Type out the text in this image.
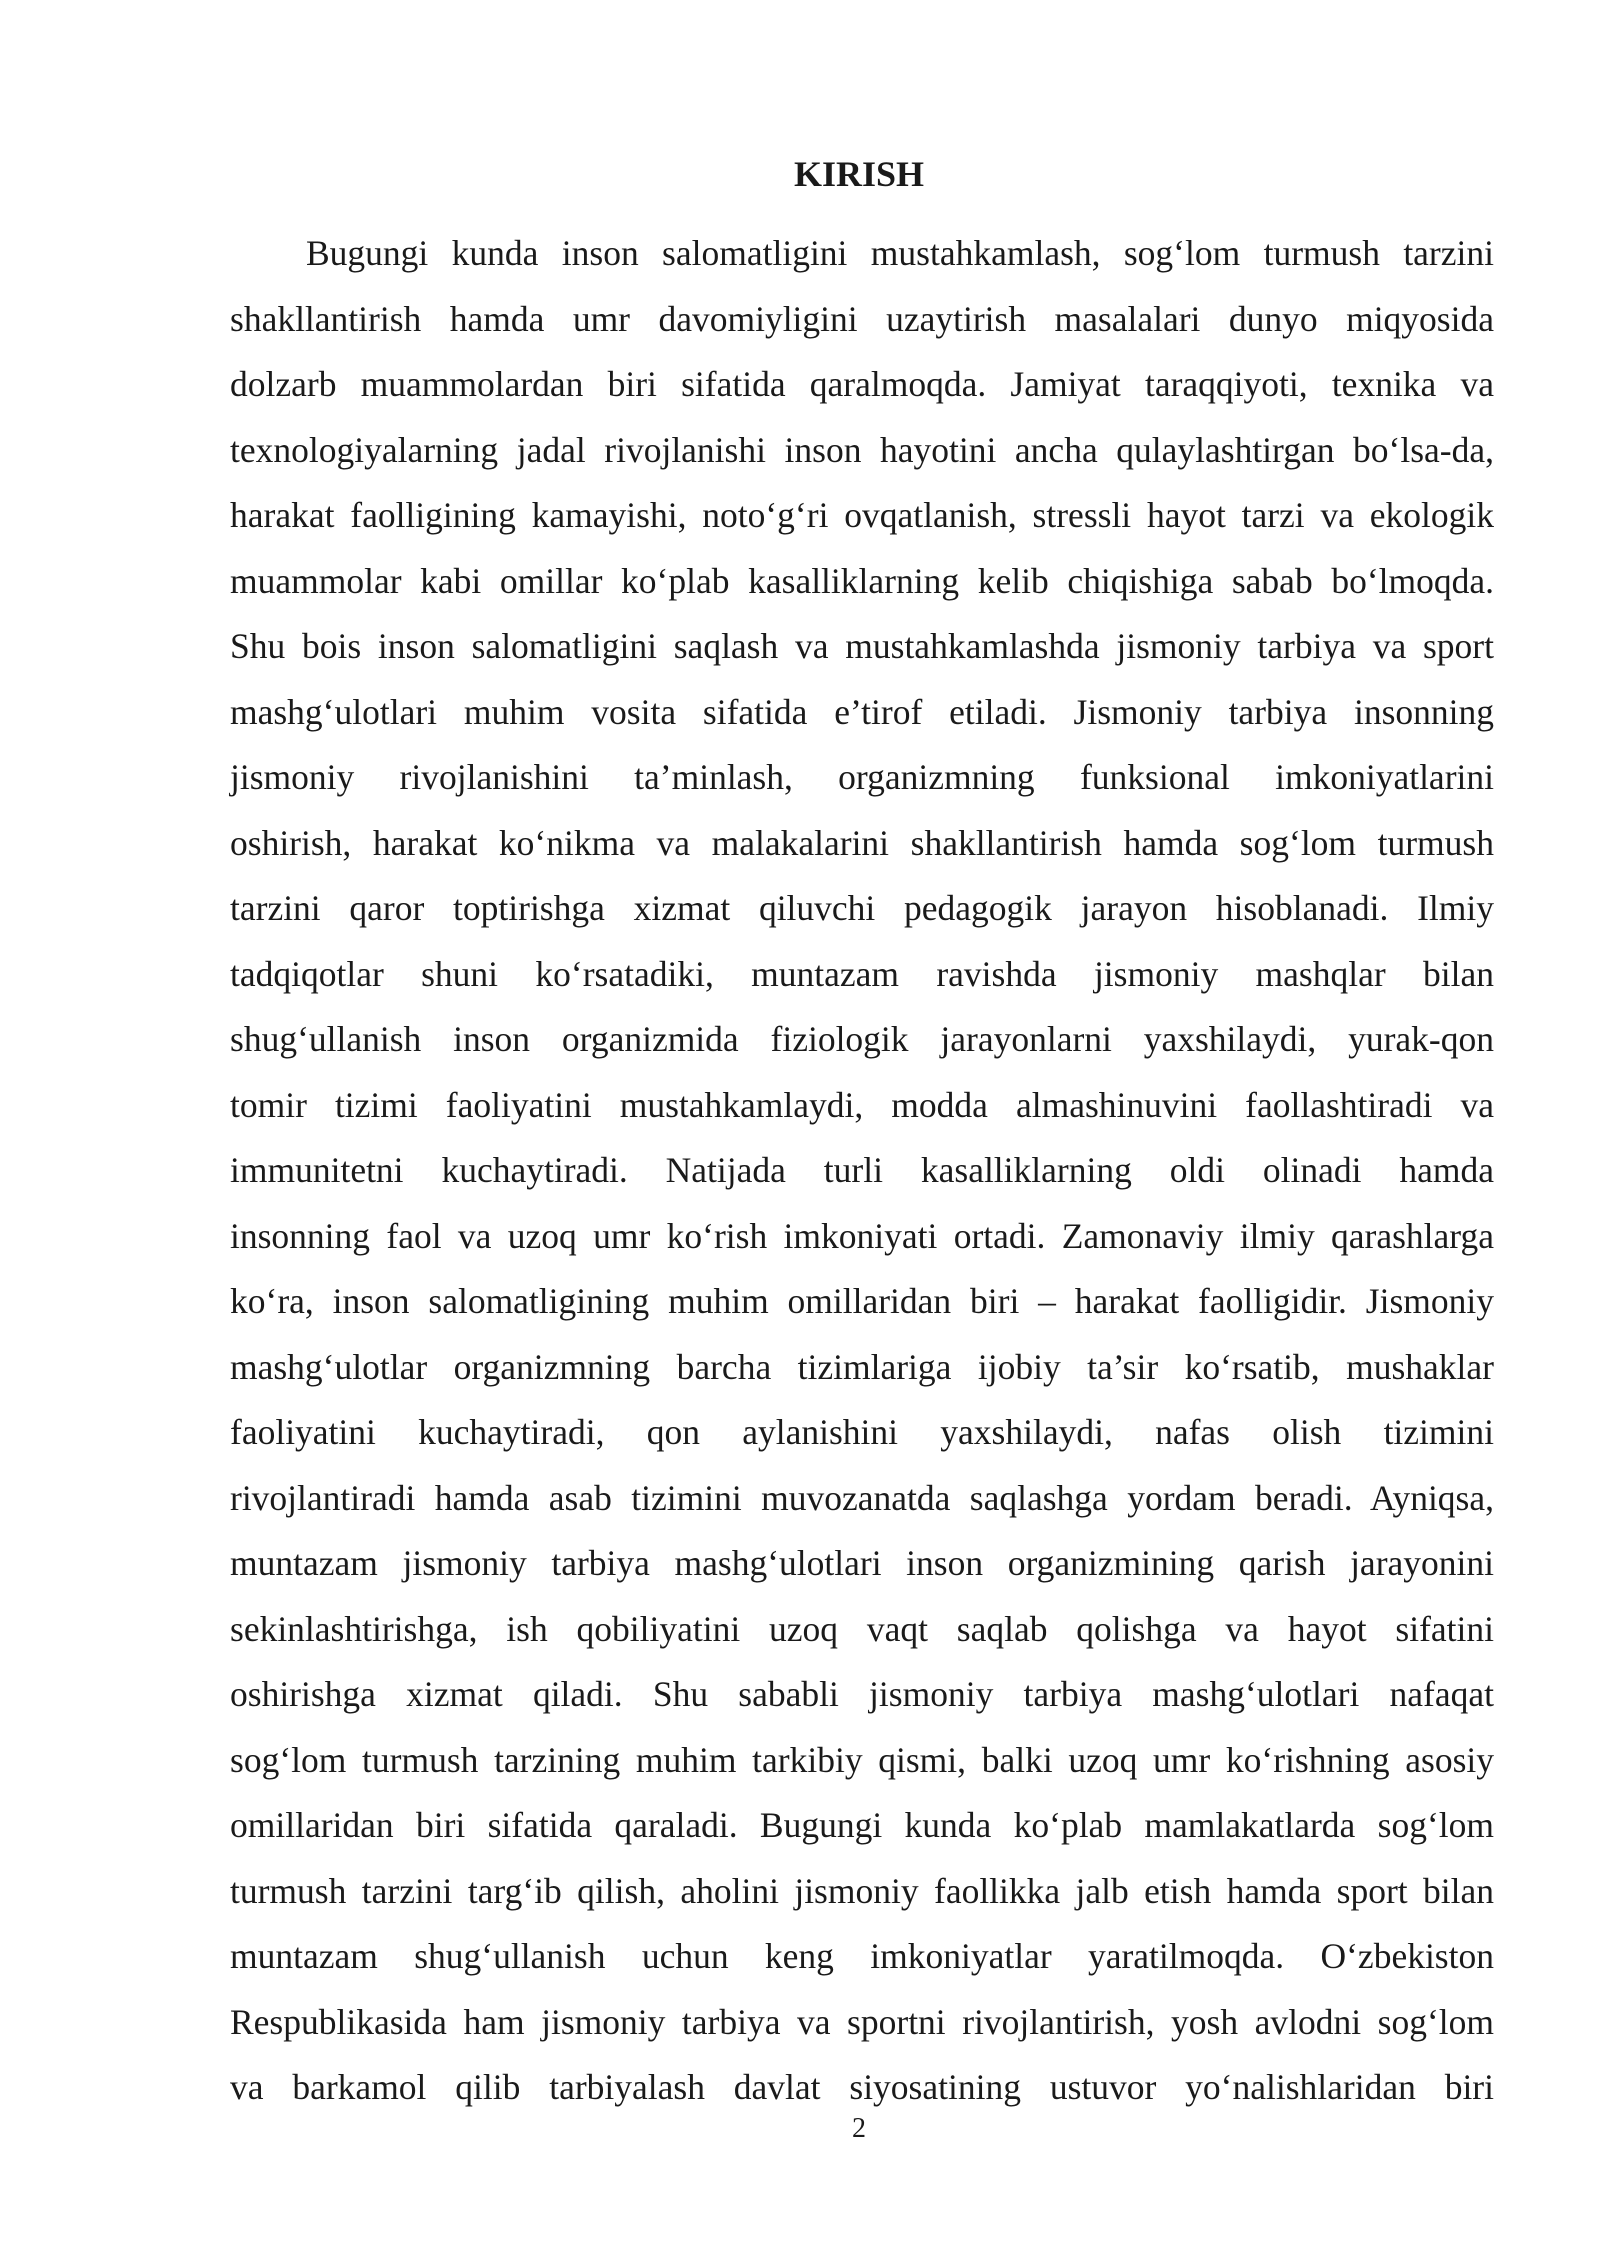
KIRISH
Bugungi kunda inson salomatligini mustahkamlash, sog‘lom turmush tarzini
shakllantirish hamda umr davomiyligini uzaytirish masalalari dunyo miqyosida
dolzarb muammolardan biri sifatida qaralmoqda. Jamiyat taraqqiyoti, texnika va
texnologiyalarning jadal rivojlanishi inson hayotini ancha qulaylashtirgan bo‘lsa-da,
harakat faolligining kamayishi, noto‘g‘ri ovqatlanish, stressli hayot tarzi va ekologik
muammolar kabi omillar ko‘plab kasalliklarning kelib chiqishiga sabab bo‘lmoqda.
Shu bois inson salomatligini saqlash va mustahkamlashda jismoniy tarbiya va sport
mashg‘ulotlari muhim vosita sifatida e’tirof etiladi. Jismoniy tarbiya insonning
jismoniy rivojlanishini ta’minlash, organizmning funksional imkoniyatlarini
oshirish, harakat ko‘nikma va malakalarini shakllantirish hamda sog‘lom turmush
tarzini qaror toptirishga xizmat qiluvchi pedagogik jarayon hisoblanadi. Ilmiy
tadqiqotlar shuni ko‘rsatadiki, muntazam ravishda jismoniy mashqlar bilan
shug‘ullanish inson organizmida fiziologik jarayonlarni yaxshilaydi, yurak-qon
tomir tizimi faoliyatini mustahkamlaydi, modda almashinuvini faollashtiradi va
immunitetni kuchaytiradi. Natijada turli kasalliklarning oldi olinadi hamda
insonning faol va uzoq umr ko‘rish imkoniyati ortadi. Zamonaviy ilmiy qarashlarga
ko‘ra, inson salomatligining muhim omillaridan biri – harakat faolligidir. Jismoniy
mashg‘ulotlar organizmning barcha tizimlariga ijobiy ta’sir ko‘rsatib, mushaklar
faoliyatini kuchaytiradi, qon aylanishini yaxshilaydi, nafas olish tizimini
rivojlantiradi hamda asab tizimini muvozanatda saqlashga yordam beradi. Ayniqsa,
muntazam jismoniy tarbiya mashg‘ulotlari inson organizmining qarish jarayonini
sekinlashtirishga, ish qobiliyatini uzoq vaqt saqlab qolishga va hayot sifatini
oshirishga xizmat qiladi. Shu sababli jismoniy tarbiya mashg‘ulotlari nafaqat
sog‘lom turmush tarzining muhim tarkibiy qismi, balki uzoq umr ko‘rishning asosiy
omillaridan biri sifatida qaraladi. Bugungi kunda ko‘plab mamlakatlarda sog‘lom
turmush tarzini targ‘ib qilish, aholini jismoniy faollikka jalb etish hamda sport bilan
muntazam shug‘ullanish uchun keng imkoniyatlar yaratilmoqda. O‘zbekiston
Respublikasida ham jismoniy tarbiya va sportni rivojlantirish, yosh avlodni sog‘lom
va barkamol qilib tarbiyalash davlat siyosatining ustuvor yo‘nalishlaridan biri
2
